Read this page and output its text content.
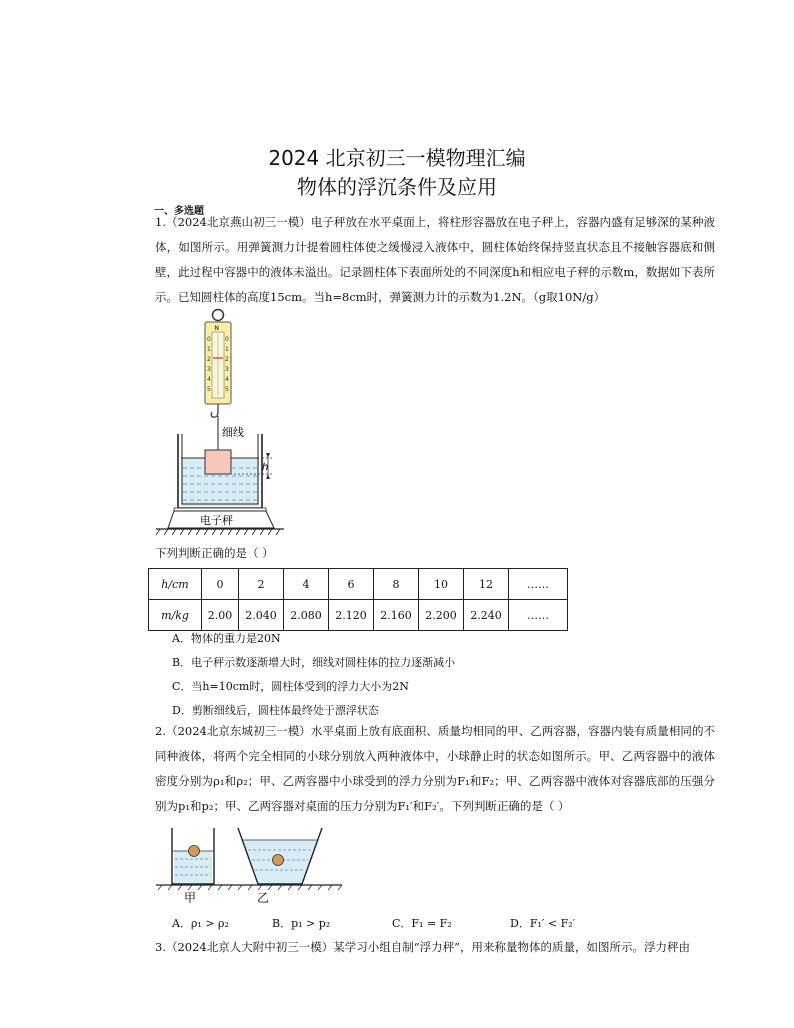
2024 北京初三一模物理汇编
物体的浮沉条件及应用
一、多选题

1.（2024北京燕山初三一模）电子秤放在水平桌面上，将柱形容器放在电子秤上，容器内盛有足够深的某种液体，如图所示。用弹簧测力计提着圆柱体使之缓慢浸入液体中，圆柱体始终保持竖直状态且不接触容器底和侧壁，此过程中容器中的液体未溢出。记录圆柱体下表面所处的不同深度h和相应电子秤的示数m，数据如下表所示。已知圆柱体的高度15cm。当h=8cm时，弹簧测力计的示数为1.2N。（g取10N/g）

N
0
1
2
3
4
5
0
1
2
3
4
5
细线
h
电子秤
下列判断正确的是（ ）
h/cm	0	2	4	6	8	10	12	……
m/kg	2.00	2.040	2.080	2.120	2.160	2.200	2.240	……
A．物体的重力是20N
B．电子秤示数逐渐增大时，细线对圆柱体的拉力逐渐减小
C．当h=10cm时，圆柱体受到的浮力大小为2N
D．剪断细线后，圆柱体最终处于漂浮状态

2.（2024北京东城初三一模）水平桌面上放有底面积、质量均相同的甲、乙两容器，容器内装有质量相同的不同种液体，将两个完全相同的小球分别放入两种液体中，小球静止时的状态如图所示。甲、乙两容器中的液体密度分别为ρ₁和ρ₂；甲、乙两容器中小球受到的浮力分别为F₁和F₂；甲、乙两容器中液体对容器底部的压强分别为p₁和p₂；甲、乙两容器对桌面的压力分别为F₁′和F₂′。下列判断正确的是（ ）

甲	乙
A．ρ₁ > ρ₂	B．p₁ > p₂	C．F₁ = F₂	D．F₁′ < F₂′

3.（2024北京人大附中初三一模）某学习小组自制“浮力秤”，用来称量物体的质量，如图所示。浮力秤由
